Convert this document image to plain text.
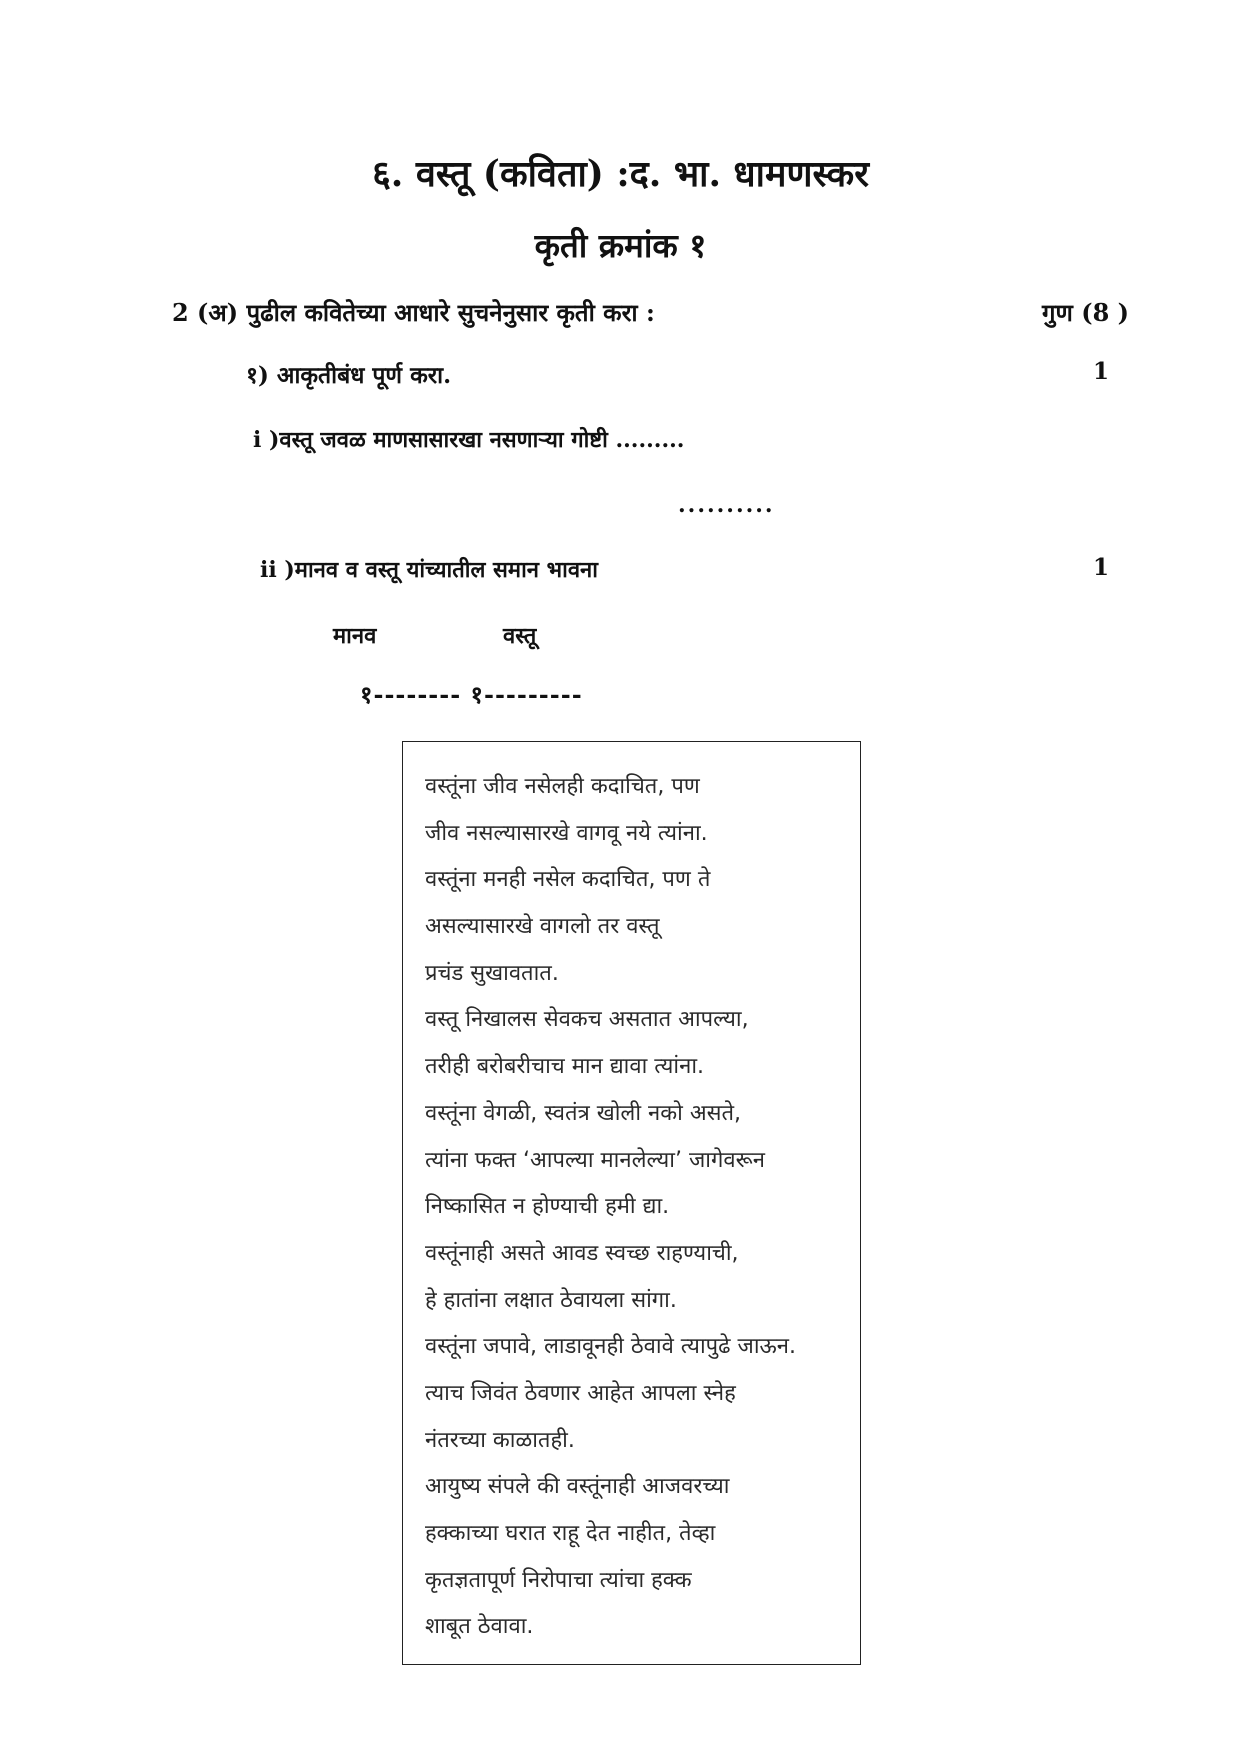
६. वस्तू (कविता) :द. भा. धामणस्कर
कृती क्रमांक १
2 (अ) पुढील कवितेच्या आधारे सुचनेनुसार कृती करा :	गुण (8 )
१) आकृतीबंध पूर्ण करा.	1
i )वस्तू जवळ माणसासारखा नसणाऱ्या गोष्टी .........
..........
ii )मानव व वस्तू यांच्यातील समान भावना	1
मानव	वस्तू
१-------- १---------
वस्तूंना जीव नसेलही कदाचित, पण
जीव नसल्यासारखे वागवू नये त्यांना.
वस्तूंना मनही नसेल कदाचित, पण ते
असल्यासारखे वागलो तर वस्तू
प्रचंड सुखावतात.
वस्तू निखालस सेवकच असतात आपल्या,
तरीही बरोबरीचाच मान द्यावा त्यांना.
वस्तूंना वेगळी, स्वतंत्र खोली नको असते,
त्यांना फक्त ‘आपल्या मानलेल्या’ जागेवरून
निष्कासित न होण्याची हमी द्या.
वस्तूंनाही असते आवड स्वच्छ राहण्याची,
हे हातांना लक्षात ठेवायला सांगा.
वस्तूंना जपावे, लाडावूनही ठेवावे त्यापुढे जाऊन.
त्याच जिवंत ठेवणार आहेत आपला स्नेह
नंतरच्या काळातही.
आयुष्य संपले की वस्तूंनाही आजवरच्या
हक्काच्या घरात राहू देत नाहीत, तेव्हा
कृतज्ञतापूर्ण निरोपाचा त्यांचा हक्क
शाबूत ठेवावा.
